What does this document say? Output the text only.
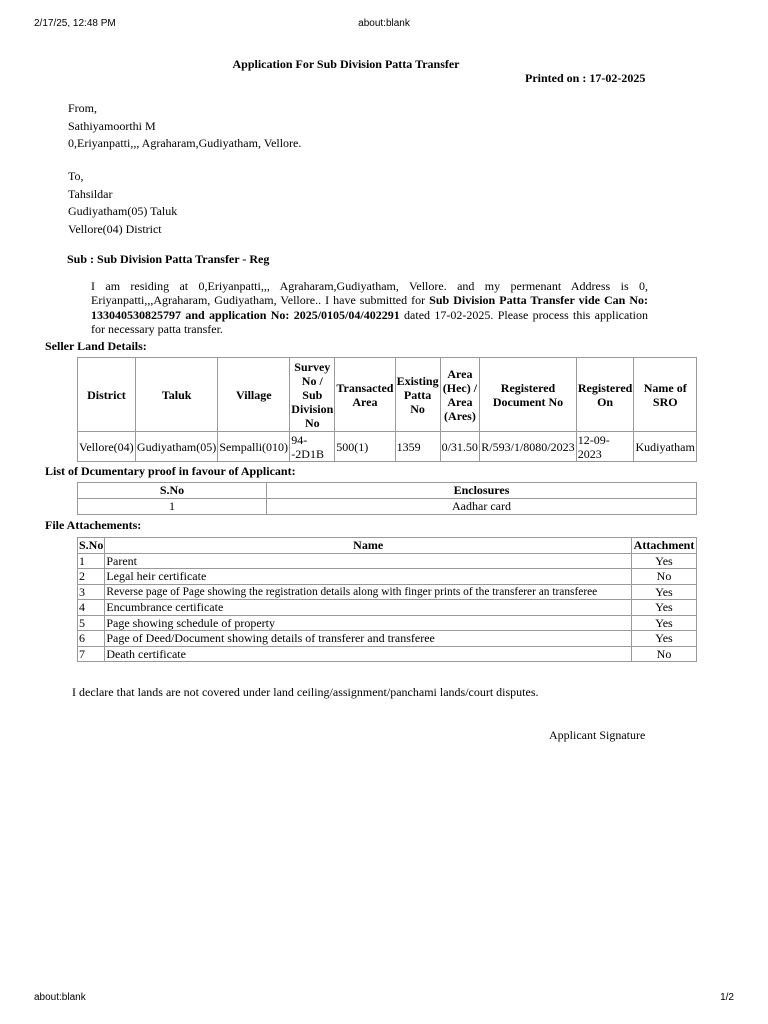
2/17/25, 12:48 PM	about:blank
Application For Sub Division Patta Transfer
Printed on : 17-02-2025
From,
Sathiyamoorthi M
0,Eriyanpatti,,, Agraharam,Gudiyatham, Vellore.
To,
Tahsildar
Gudiyatham(05) Taluk
Vellore(04) District
Sub : Sub Division Patta Transfer - Reg
I am residing at 0,Eriyanpatti,,, Agraharam,Gudiyatham, Vellore. and my permenant Address is 0, Eriyanpatti,,,Agraharam, Gudiyatham, Vellore.. I have submitted for Sub Division Patta Transfer vide Can No: 133040530825797 and application No: 2025/0105/04/402291 dated 17-02-2025. Please process this application for necessary patta transfer.
Seller Land Details:
District	Taluk	Village	Survey No / Sub Division No	Transacted Area	Existing Patta No	Area (Hec) / Area (Ares)	Registered Document No	Registered On	Name of SRO
Vellore(04)	Gudiyatham(05)	Sempalli(010)	94--2D1B	500(1)	1359	0/31.50	R/593/1/8080/2023	12-09-2023	Kudiyatham
List of Dcumentary proof in favour of Applicant:
S.No	Enclosures
1	Aadhar card
File Attachements:
S.No	Name	Attachment
1	Parent	Yes
2	Legal heir certificate	No
3	Reverse page of Page showing the registration details along with finger prints of the transferer an transferee	Yes
4	Encumbrance certificate	Yes
5	Page showing schedule of property	Yes
6	Page of Deed/Document showing details of transferer and transferee	Yes
7	Death certificate	No
I declare that lands are not covered under land ceiling/assignment/panchami lands/court disputes.
Applicant Signature
about:blank	1/2
